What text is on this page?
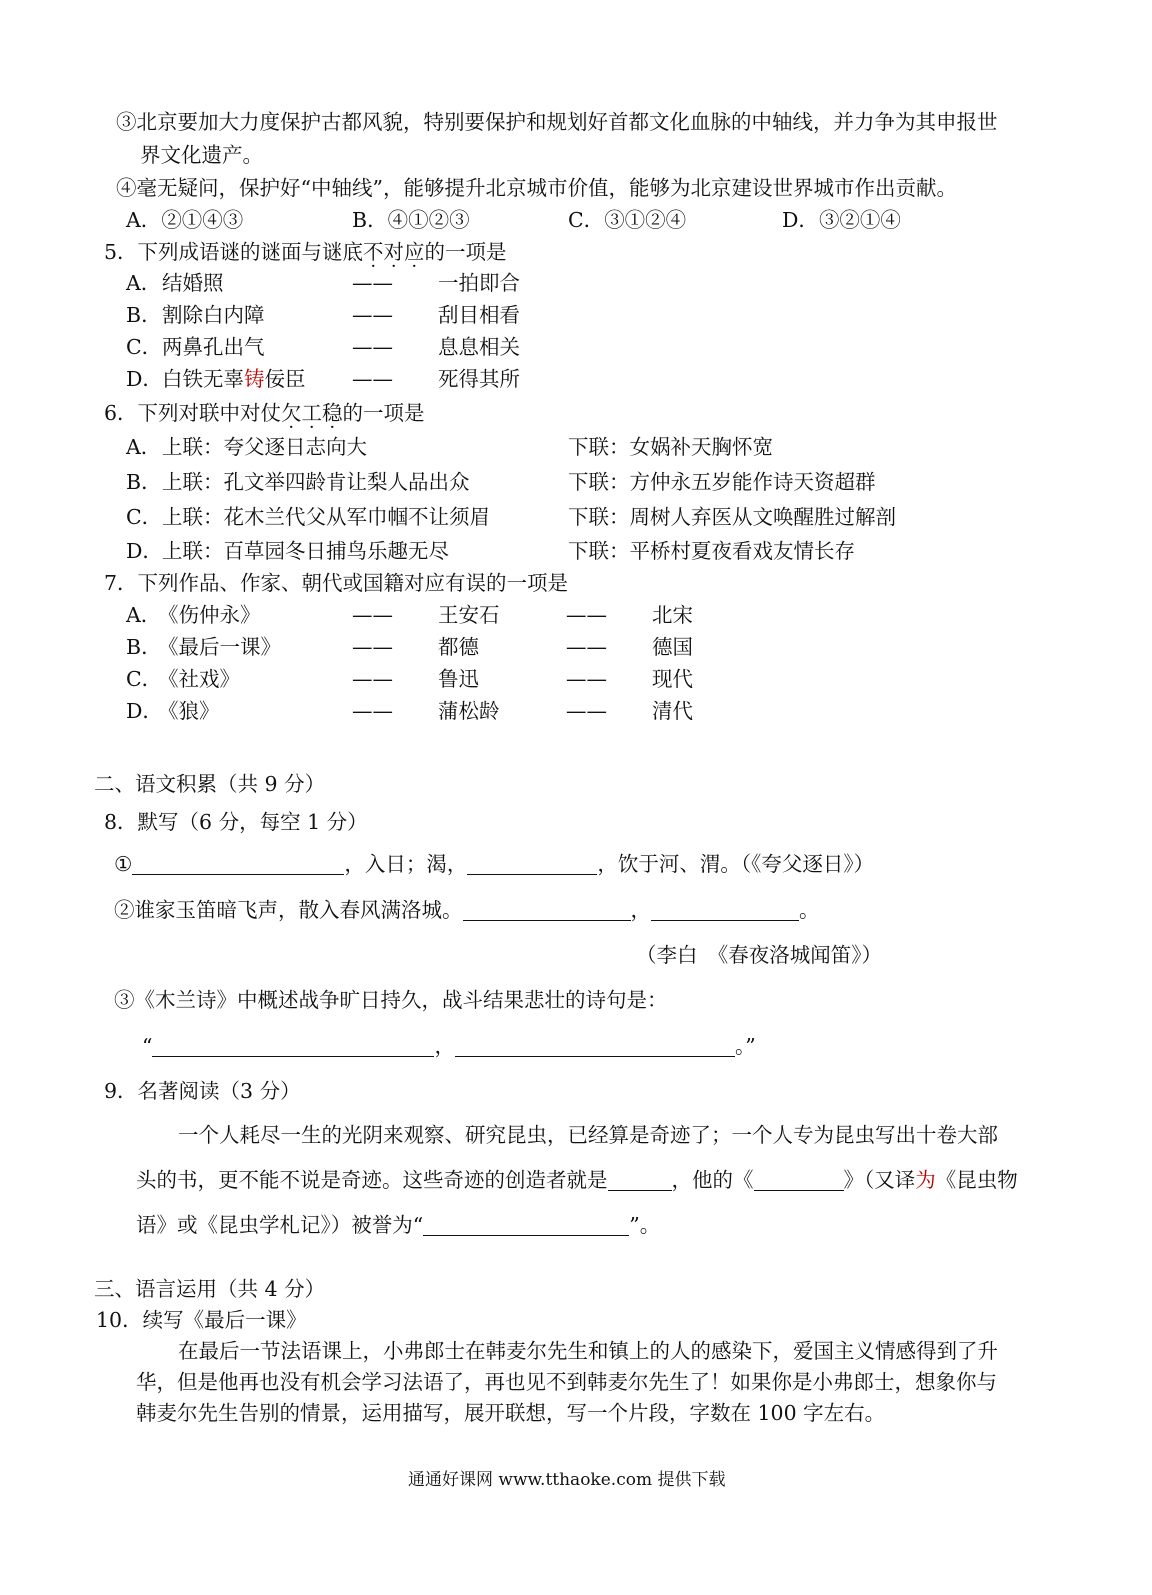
③北京要加大力度保护古都风貌，特别要保护和规划好首都文化血脉的中轴线，并力争为其申报世
界文化遗产。
④毫无疑问，保护好“中轴线”，能够提升北京城市价值，能够为北京建设世界城市作出贡献。
A．②①④③	B．④①②③	C．③①②④	D．③②①④
5．下列成语谜的谜面与谜底不对应的一项是
A． 结婚照	—— 一拍即合
B． 割除白内障	—— 刮目相看
C． 两鼻孔出气	—— 息息相关
D． 白铁无辜铸佞臣 —— 死得其所
6．下列对联中对仗欠工稳的一项是
A． 上联：夸父逐日志向大	下联：女娲补天胸怀宽
B． 上联：孔文举四龄肯让梨人品出众	下联：方仲永五岁能作诗天资超群
C． 上联：花木兰代父从军巾帼不让须眉	下联：周树人弃医从文唤醒胜过解剖
D． 上联：百草园冬日捕鸟乐趣无尽	下联：平桥村夏夜看戏友情长存
7．下列作品、作家、朝代或国籍对应有误的一项是
A．
《伤仲永》	—— 王安石	—— 北宋
B．
《最后一课》	—— 都德	—— 德国
C．
《社戏》	—— 鲁迅	—— 现代
D．
《狼》	—— 蒲松龄	—— 清代
二、语文积累（共 9 分）
8．默写（6 分，每空 1 分）
①	，入日；渴，	，饮于河、渭。（《夸父逐日》）
②谁家玉笛暗飞声，散入春风满洛城。	，	。
（李白　《春夜洛城闻笛》）
③《木兰诗》中概述战争旷日持久，战斗结果悲壮的诗句是：
“	，	。”
9．名著阅读（3 分）
一个人耗尽一生的光阴来观察、研究昆虫，已经算是奇迹了；一个人专为昆虫写出十卷大部
头的书，更不能不说是奇迹。这些奇迹的创造者就是	，他的《	》（又译为《昆虫物
语》或《昆虫学札记》）被誉为“	”。
三、语言运用（共 4 分）
10．续写《最后一课》
在最后一节法语课上，小弗郎士在韩麦尔先生和镇上的人的感染下，爱国主义情感得到了升
华，但是他再也没有机会学习法语了，再也见不到韩麦尔先生了！如果你是小弗郎士，想象你与
韩麦尔先生告别的情景，运用描写，展开联想，写一个片段，字数在 100 字左右。
通通好课网 www.tthaoke.com 提供下载
